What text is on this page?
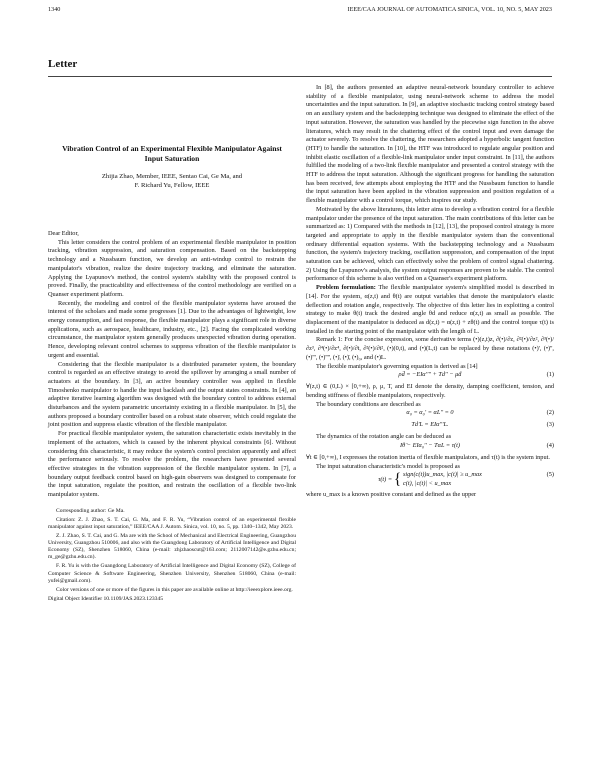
1340	IEEE/CAA JOURNAL OF AUTOMATICA SINICA, VOL. 10, NO. 5, MAY 2023
Letter
Vibration Control of an Experimental Flexible Manipulator Against Input Saturation
Zhijia Zhao, Member, IEEE, Sentao Cai, Ge Ma, and
F. Richard Yu, Fellow, IEEE

Dear Editor,

This letter considers the control problem of an experimental flexible manipulator in position tracking, vibration suppression, and saturation compensation. Based on the backstepping technology and a Nussbaum function, we develop an anti-windup control to restrain the manipulator's vibration, realize the desire trajectory tracking, and eliminate the saturation. Applying the Lyapunov's method, the control system's stability with the proposed control is proved. Finally, the practicability and effectiveness of the control methodology are verified on a Quanser experiment platform.

Recently, the modeling and control of the flexible manipulator systems have aroused the interest of the scholars and made some progresses [1]. Due to the advantages of lightweight, low energy consumption, and fast response, the flexible manipulator plays a significant role in diverse applications, such as aerospace, healthcare, industry, etc., [2]. Facing the complicated working circumstance, the manipulator system generally produces unexpected vibration during operation. Hence, developing relevant control schemes to suppress vibration of the flexible manipulator is urgent and essential.

Considering that the flexible manipulator is a distributed parameter system, the boundary control is regarded as an effective strategy to avoid the spillover by arranging a small number of actuators at the boundary. In [3], an active boundary controller was applied in flexible Timoshenko manipulator to handle the input backlash and the output states constraints. In [4], an adaptive iterative learning algorithm was designed with the boundary control to address external disturbances and the system parametric uncertainty existing in a flexible manipulator. In [5], the authors proposed a boundary controller based on a robust state observer, which could regulate the joint position and suppress elastic vibration of the flexible manipulator.

For practical flexible manipulator system, the saturation characteristic exists inevitably in the implement of the actuators, which is caused by the inherent physical constraints [6]. Without considering this characteristic, it may reduce the system's control precision apparently and affect the performance seriously. To resolve the problem, the researchers have presented several effective strategies in the vibration suppression of the flexible manipulator system. In [7], a boundary output feedback control based on high-gain observers was designed to compensate for the input saturation, regulate the position, and restrain the oscillation of a flexible two-link manipulator system.

Corresponding author: Ge Ma.

Citation: Z. J. Zhao, S. T. Cai, G. Ma, and F. R. Yu, “Vibration control of an experimental flexible manipulator against input saturation,” IEEE/CAA J. Autom. Sinica, vol. 10, no. 5, pp. 1340–1342, May 2023.

Z. J. Zhao, S. T. Cai, and G. Ma are with the School of Mechanical and Electrical Engineering, Guangzhou University, Guangzhou 510006, and also with the Guangdong Laboratory of Artificial Intelligence and Digital Economy (SZ), Shenzhen 518060, China (e-mail: zhjzhaoscut@163.com; 2112007142@e.gzhu.edu.cn; m_ge@gzhu.edu.cn).

F. R. Yu is with the Guangdong Laboratory of Artificial Intelligence and Digital Economy (SZ), College of Computer Science & Software Engineering, Shenzhen University, Shenzhen 518060, China (e-mail: yufei@gmail.com).

Color versions of one or more of the figures in this paper are available online at http://ieeexplore.ieee.org.

Digital Object Identifier 10.1109/JAS.2023.123345

In [8], the authors presented an adaptive neural-network boundary controller to achieve stability of a flexible manipulator, using neural-network scheme to address the model uncertainties and the input saturation. In [9], an adaptive stochastic tracking control strategy based on an auxiliary system and the backstepping technique was designed to eliminate the effect of the input saturation. However, the saturation was handled by the piecewise sign function in the above literatures, which may result in the chattering effect of the control input and even damage the actuator severely. To resolve the chattering, the researchers adopted a hyperbolic tangent function (HTF) to handle the saturation. In [10], the HTF was introduced to regulate angular position and inhibit elastic oscillation of a flexible-link manipulator under input constraint. In [11], the authors fulfilled the modeling of a two-link flexible manipulator and presented a control strategy with the HTF to address the input saturation. Although the significant progress for handling the saturation has been received, few attempts about employing the HTF and the Nussbaum function to handle the input saturation have been applied in the vibration suppression and position regulation of a flexible manipulator with a control torque, which inspires our study.

Motivated by the above literatures, this letter aims to develop a vibration control for a flexible manipulator under the presence of the input saturation. The main contributions of this letter can be summarized as: 1) Compared with the methods in [12], [13], the proposed control strategy is more targeted and appropriate to apply in the flexible manipulator system than the conventional ordinary differential equation systems. With the backstepping technology and a Nussbaum function, the system's trajectory tracking, oscillation suppression, and compensation of the input saturation can be achieved, which can effectively solve the problem of control signal chattering. 2) Using the Lyapunov's analysis, the system output responses are proven to be stable. The control performance of this scheme is also verified on a Quanser's experiment platform.

Problem formulation: The flexible manipulator system's simplified model is described in [14]. For the system, α(z,t) and θ(t) are output variables that denote the manipulator's elastic deflection and rotation angle, respectively. The objective of this letter lies in exploiting a control strategy to make θ(t) track the desired angle θd and reduce α(z,t) as small as possible. The displacement of the manipulator is deduced as d(z,t) = α(z,t) + zθ(t) and the control torque τ(t) is installed in the starting point of the manipulator with the length of L.

Remark 1: For the concise expression, some derivative terms (•)(z,t)z, ∂(•)/∂z, ∂²(•)/∂z², ∂³(•)/∂z³, ∂⁴(•)/∂z⁴, ∂(•)/∂t, ∂²(•)/∂t², (•)(0,t), and (•)(L,t) can be replaced by these notations (•)', (•)'', (•)''', (•)'''', (•)̇, (•)̈, (•)₀, and (•)L.

The flexible manipulator's governing equation is derived as [14]

ρd̈ = −EIα'''' + Td'' − μḋ	(1)

∀(z,t) ∈ (0,L) × [0,+∞), ρ, μ, T, and EI denote the density, damping coefficient, tension, and bending stiffness of flexible manipulators, respectively.

The boundary conditions are described as

α₀ = α₀' = αL'' = 0	(2)
Td'L = EIα'''L.	(3)

The dynamics of the rotation angle can be deduced as

Iθ̈ − EIα₀'' − TαL = τ(t)	(4)

∀t ∈ [0,+∞), I expresses the rotation inertia of flexible manipulators, and τ(t) is the system input.

The input saturation characteristic's model is proposed as

τ(t) = { sign(c(t))u_max, |c(t)| ≥ u_max
c(t), |c(t)| < u_max
(5)

where u_max is a known positive constant and defined as the upper
